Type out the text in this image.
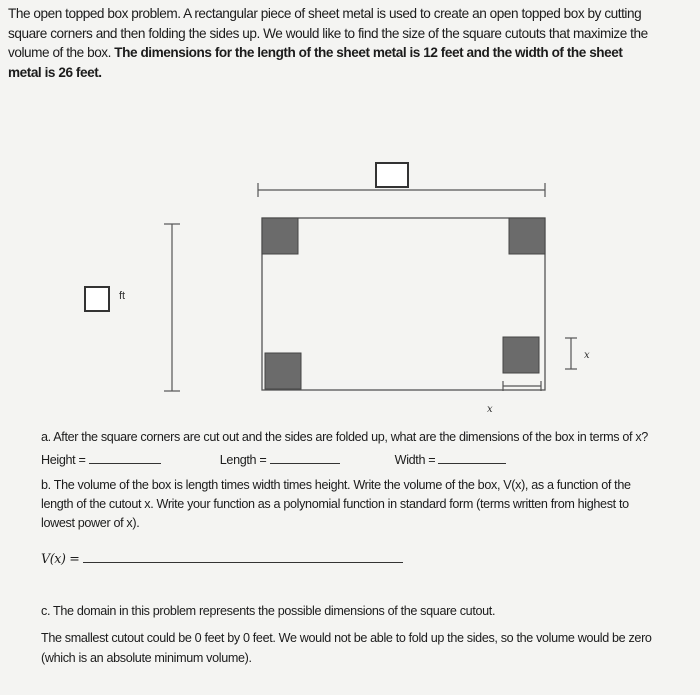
The open topped box problem. A rectangular piece of sheet metal is used to create an open topped box by cutting
square corners and then folding the sides up. We would like to find the size of the square cutouts that maximize the
volume of the box. The dimensions for the length of the sheet metal is 12 feet and the width of the sheet
metal is 26 feet.
x
x
ft
a. After the square corners are cut out and the sides are folded up, what are the dimensions of the box in terms of x?
Height =	Length =	Width =
b. The volume of the box is length times width times height. Write the volume of the box, V(x), as a function of the
length of the cutout x. Write your function as a polynomial function in standard form (terms written from highest to
lowest power of x).
V(x) =
c. The domain in this problem represents the possible dimensions of the square cutout.
The smallest cutout could be 0 feet by 0 feet. We would not be able to fold up the sides, so the volume would be zero
(which is an absolute minimum volume).
